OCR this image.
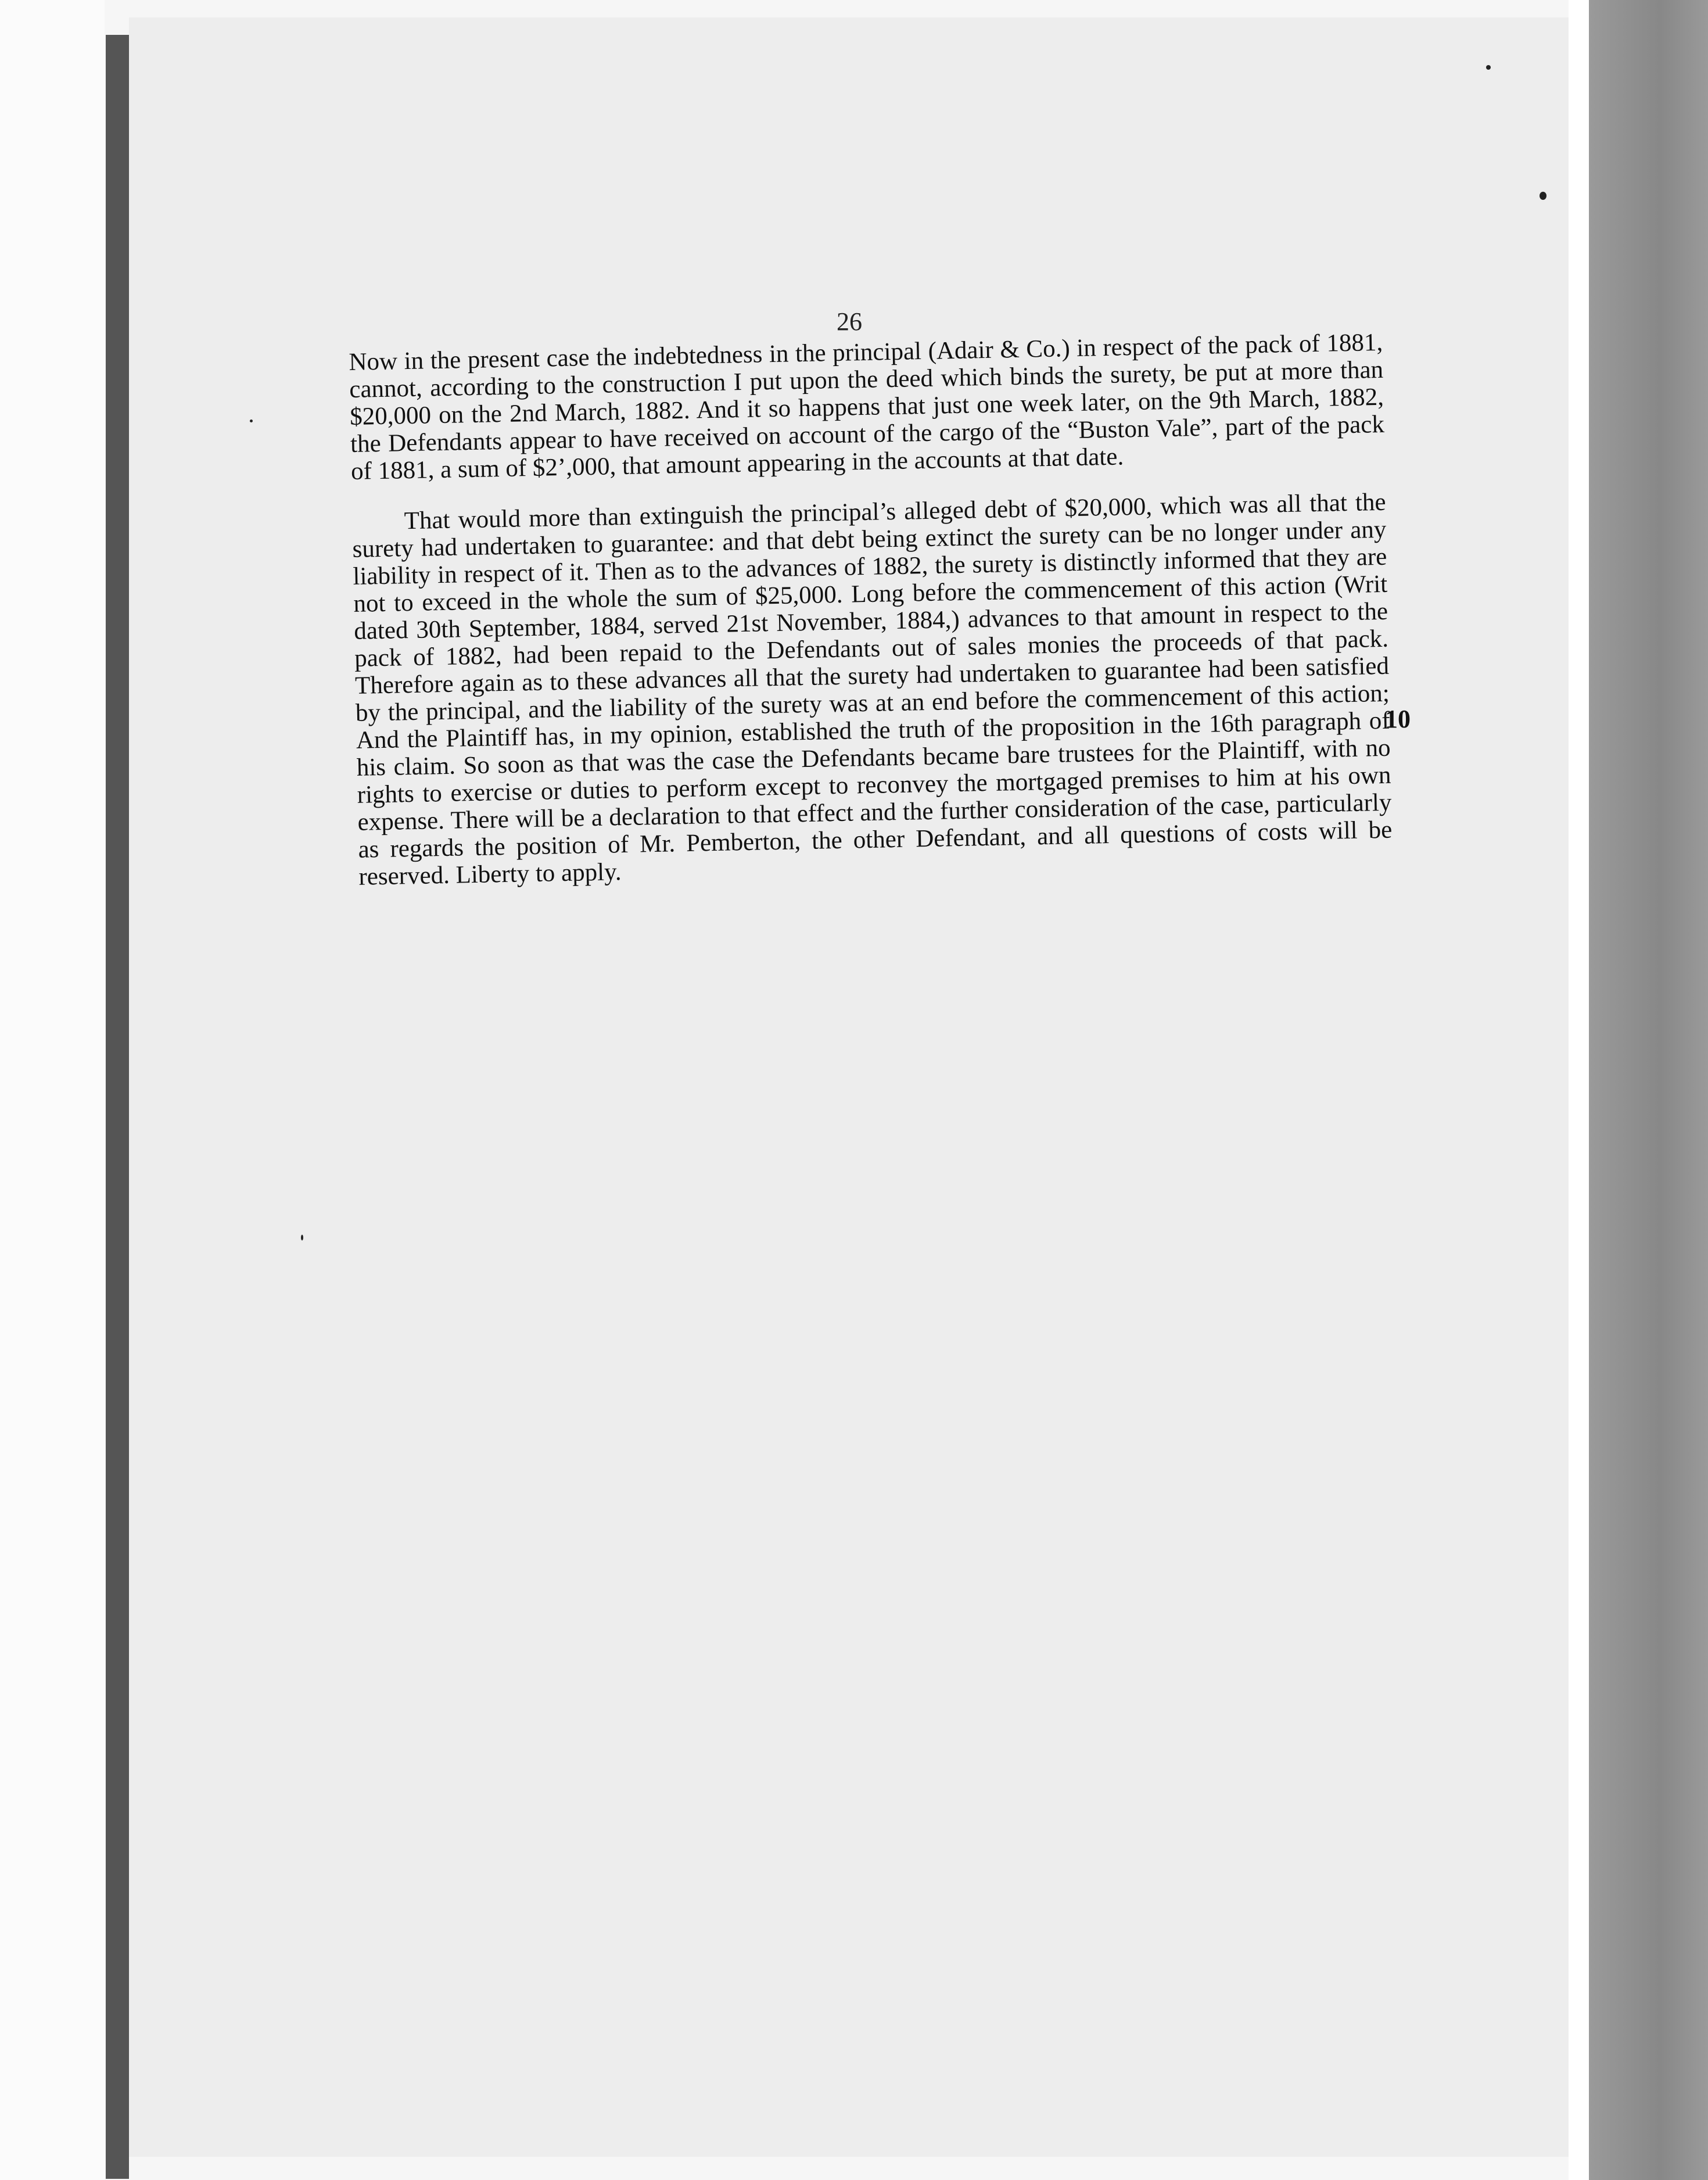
26

Now in the present case the indebtedness in the principal (Adair & Co.) in respect of the pack of 1881, cannot, according to the construction I put upon the deed which binds the surety, be put at more than $20,000 on the 2nd March, 1882. And it so happens that just one week later, on the 9th March, 1882, the Defendants appear to have received on account of the cargo of the “Buston Vale”, part of the pack of 1881, a sum of $2’,000, that amount appearing in the accounts at that date.

That would more than extinguish the principal’s alleged debt of $20,000, which was all that the surety had undertaken to guarantee: and that debt being extinct the surety can be no longer under any liability in respect of it. Then as to the advances of 1882, the surety is distinctly informed that they are not to exceed in the whole the sum of $25,000. Long before the commencement of this action (Writ dated 30th September, 1884, served 21st November, 1884,) advances to that amount in respect to the pack of 1882, had been repaid to the Defendants out of sales monies the proceeds of that pack. Therefore again as to these advances all that the surety had undertaken to guarantee had been satisfied by the principal, and the liability of the surety was at an end before the commencement of this action; And the Plaintiff has, in my opinion, established the truth of the proposition in the 16th paragraph of his claim. So soon as that was the case the Defendants became bare trustees for the Plaintiff, with no rights to exercise or duties to perform except to reconvey the mortgaged premises to him at his own expense. There will be a declaration to that effect and the further consideration of the case, particularly as regards the position of Mr. Pemberton, the other Defendant, and all questions of costs will be reserved. Liberty to apply.

10
